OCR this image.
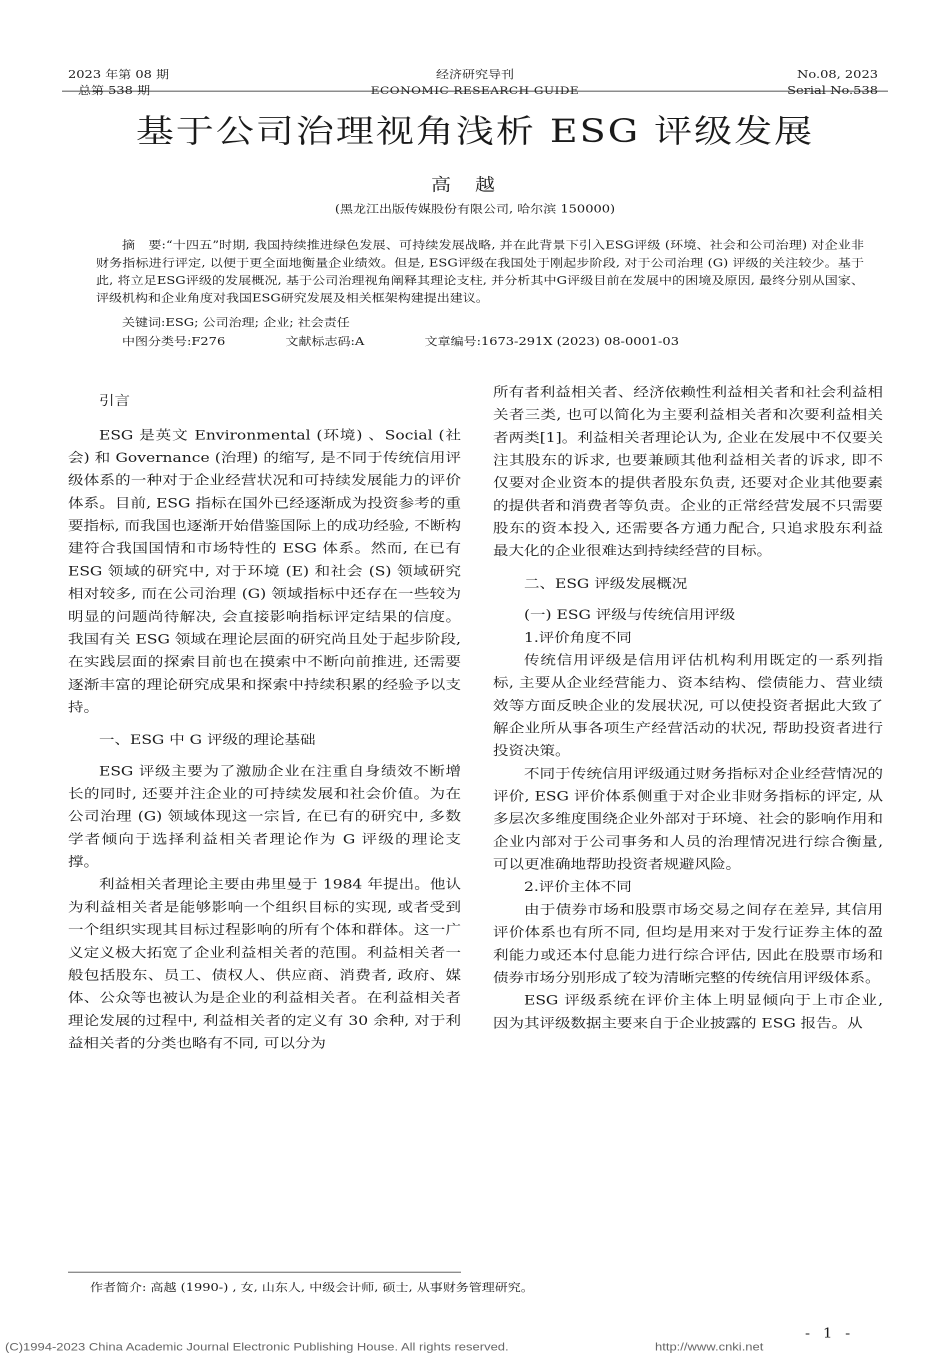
2023 年第 08 期
总第 538 期
经济研究导刊
ECONOMIC RESEARCH GUIDE
No.08, 2023
Serial No.538
基于公司治理视角浅析 ESG 评级发展
高越
(黑龙江出版传媒股份有限公司, 哈尔滨 150000)
摘　要:“十四五”时期, 我国持续推进绿色发展、可持续发展战略, 并在此背景下引入ESG评级 (环境、社会和公司治理) 对企业非财务指标进行评定, 以便于更全面地衡量企业绩效。但是, ESG评级在我国处于刚起步阶段, 对于公司治理 (G) 评级的关注较少。基于此, 将立足ESG评级的发展概况, 基于公司治理视角阐释其理论支柱, 并分析其中G评级目前在发展中的困境及原因, 最终分别从国家、评级机构和企业角度对我国ESG研究发展及相关框架构建提出建议。
关键词:ESG; 公司治理; 企业; 社会责任
中图分类号:F276	文献标志码:A	文章编号:1673-291X (2023) 08-0001-03

引言

ESG 是英文 Environmental (环境) 、Social (社会) 和 Governance (治理) 的缩写, 是不同于传统信用评级体系的一种对于企业经营状况和可持续发展能力的评价体系。目前, ESG 指标在国外已经逐渐成为投资参考的重要指标, 而我国也逐渐开始借鉴国际上的成功经验, 不断构建符合我国国情和市场特性的 ESG 体系。然而, 在已有 ESG 领域的研究中, 对于环境 (E) 和社会 (S) 领域研究相对较多, 而在公司治理 (G) 领域指标中还存在一些较为明显的问题尚待解决, 会直接影响指标评定结果的信度。我国有关 ESG 领域在理论层面的研究尚且处于起步阶段, 在实践层面的探索目前也在摸索中不断向前推进, 还需要逐渐丰富的理论研究成果和探索中持续积累的经验予以支持。

一、ESG 中 G 评级的理论基础

ESG 评级主要为了激励企业在注重自身绩效不断增长的同时, 还要并注企业的可持续发展和社会价值。为在公司治理 (G) 领域体现这一宗旨, 在已有的研究中, 多数学者倾向于选择利益相关者理论作为 G 评级的理论支撑。

利益相关者理论主要由弗里曼于 1984 年提出。他认为利益相关者是能够影响一个组织目标的实现, 或者受到一个组织实现其目标过程影响的所有个体和群体。这一广义定义极大拓宽了企业利益相关者的范围。利益相关者一般包括股东、员工、债权人、供应商、消费者, 政府、媒体、公众等也被认为是企业的利益相关者。在利益相关者理论发展的过程中, 利益相关者的定义有 30 余种, 对于利益相关者的分类也略有不同, 可以分为

所有者利益相关者、经济依赖性利益相关者和社会利益相关者三类, 也可以简化为主要利益相关者和次要利益相关者两类[1]。利益相关者理论认为, 企业在发展中不仅要关注其股东的诉求, 也要兼顾其他利益相关者的诉求, 即不仅要对企业资本的提供者股东负责, 还要对企业其他要素的提供者和消费者等负责。企业的正常经营发展不只需要股东的资本投入, 还需要各方通力配合, 只追求股东利益最大化的企业很难达到持续经营的目标。

二、ESG 评级发展概况

(一) ESG 评级与传统信用评级

1.评价角度不同

传统信用评级是信用评估机构利用既定的一系列指标, 主要从企业经营能力、资本结构、偿债能力、营业绩效等方面反映企业的发展状况, 可以使投资者据此大致了解企业所从事各项生产经营活动的状况, 帮助投资者进行投资决策。

不同于传统信用评级通过财务指标对企业经营情况的评价, ESG 评价体系侧重于对企业非财务指标的评定, 从多层次多维度围绕企业外部对于环境、社会的影响作用和企业内部对于公司事务和人员的治理情况进行综合衡量, 可以更准确地帮助投资者规避风险。

2.评价主体不同

由于债券市场和股票市场交易之间存在差异, 其信用评价体系也有所不同, 但均是用来对于发行证券主体的盈利能力或还本付息能力进行综合评估, 因此在股票市场和债券市场分别形成了较为清晰完整的传统信用评级体系。

ESG 评级系统在评价主体上明显倾向于上市企业, 因为其评级数据主要来自于企业披露的 ESG 报告。从

作者简介: 高越 (1990-) , 女, 山东人, 中级会计师, 硕士, 从事财务管理研究。
- 1 -
(C)1994-2023 China Academic Journal Electronic Publishing House. All rights reserved.	http://www.cnki.net
